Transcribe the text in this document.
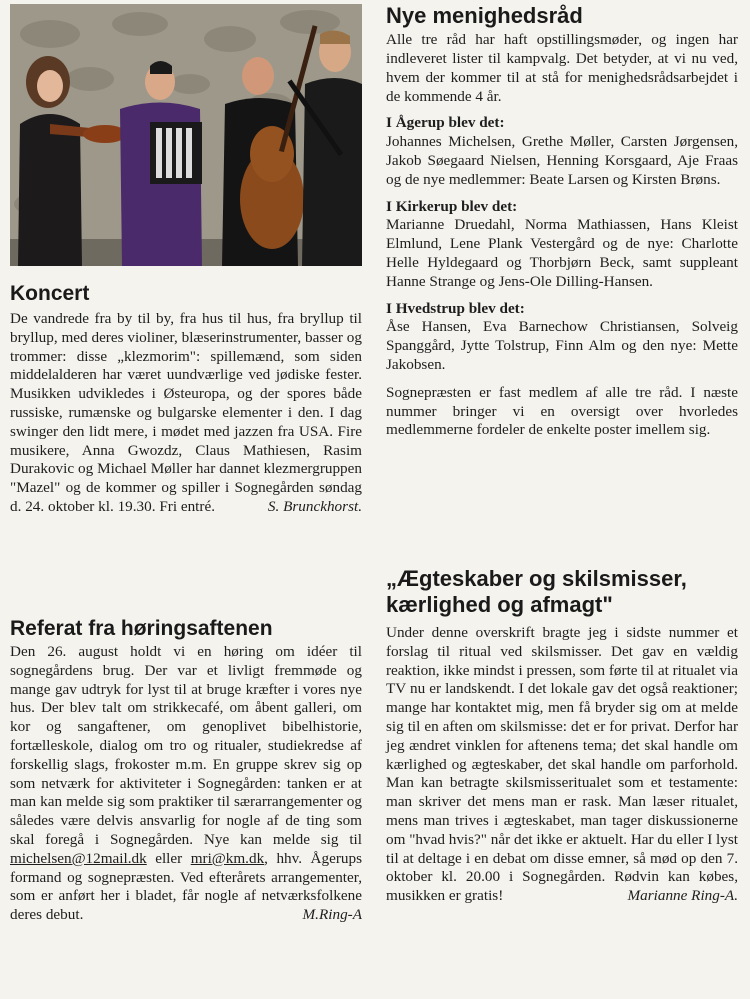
Koncert

De vandrede fra by til by, fra hus til hus, fra bryllup til bryllup, med deres violiner, blæserinstrumenter, basser og trommer: disse „klezmorim": spillemænd, som siden middelalderen har været uundværlige ved jødiske fester. Musikken udvikledes i Østeuropa, og der spores både russiske, rumænske og bulgarske elementer i den. I dag swinger den lidt mere, i mødet med jazzen fra USA. Fire musikere, Anna Gwozdz, Claus Mathiesen, Rasim Durakovic og Michael Møller har dannet klezmergruppen "Mazel" og de kommer og spiller i Sognegården søndag d. 24. oktober kl. 19.30. Fri entré.	S. Brunckhorst.

Referat fra høringsaftenen

Den 26. august holdt vi en høring om idéer til sognegårdens brug. Der var et livligt fremmøde og mange gav udtryk for lyst til at bruge kræfter i vores nye hus. Der blev talt om strikkecafé, om åbent galleri, om kor og sangaftener, om genoplivet bibelhistorie, fortælleskole, dialog om tro og ritualer, studiekredse af forskellig slags, frokoster m.m. En gruppe skrev sig op som netværk for aktiviteter i Sognegården: tanken er at man kan melde sig som praktiker til særarrangementer og således være delvis ansvarlig for nogle af de ting som skal foregå i Sognegården. Nye kan melde sig til michelsen@12mail.dk eller mri@km.dk, hhv. Ågerups formand og sognepræsten. Ved efterårets arrangementer, som er anført her i bladet, får nogle af netværksfolkene deres debut.	M.Ring-A

Nye menighedsråd

Alle tre råd har haft opstillingsmøder, og ingen har indleveret lister til kampvalg. Det betyder, at vi nu ved, hvem der kommer til at stå for menighedsrådsarbejdet i de kommende 4 år.

I Ågerup blev det:

Johannes Michelsen, Grethe Møller, Carsten Jørgensen, Jakob Søegaard Nielsen, Henning Korsgaard, Aje Fraas og de nye medlemmer: Beate Larsen og Kirsten Brøns.

I Kirkerup blev det:

Marianne Druedahl, Norma Mathiassen, Hans Kleist Elmlund, Lene Plank Vestergård og de nye: Charlotte Helle Hyldegaard og Thorbjørn Beck, samt suppleant Hanne Strange og Jens-Ole Dilling-Hansen.

I Hvedstrup blev det:

Åse Hansen, Eva Barnechow Christiansen, Solveig Spanggård, Jytte Tolstrup, Finn Alm og den nye: Mette Jakobsen.

Sognepræsten er fast medlem af alle tre råd. I næste nummer bringer vi en oversigt over hvorledes medlemmerne fordeler de enkelte poster imellem sig.

„Ægteskaber og skilsmisser, kærlighed og afmagt"

Under denne overskrift bragte jeg i sidste nummer et forslag til ritual ved skilsmisser. Det gav en vældig reaktion, ikke mindst i pressen, som førte til at ritualet via TV nu er landskendt. I det lokale gav det også reaktioner; mange har kontaktet mig, men få bryder sig om at melde sig til en aften om skilsmisse: det er for privat. Derfor har jeg ændret vinklen for aftenens tema; det skal handle om kærlighed og ægteskaber, det skal handle om parforhold. Man kan betragte skilsmisseritualet som et testamente: man skriver det mens man er rask. Man læser ritualet, mens man trives i ægteskabet, man tager diskussionerne om "hvad hvis?" når det ikke er aktuelt. Har du eller I lyst til at deltage i en debat om disse emner, så mød op den 7. oktober kl. 20.00 i Sognegården. Rødvin kan købes, musikken er gratis!	Marianne Ring-A.
